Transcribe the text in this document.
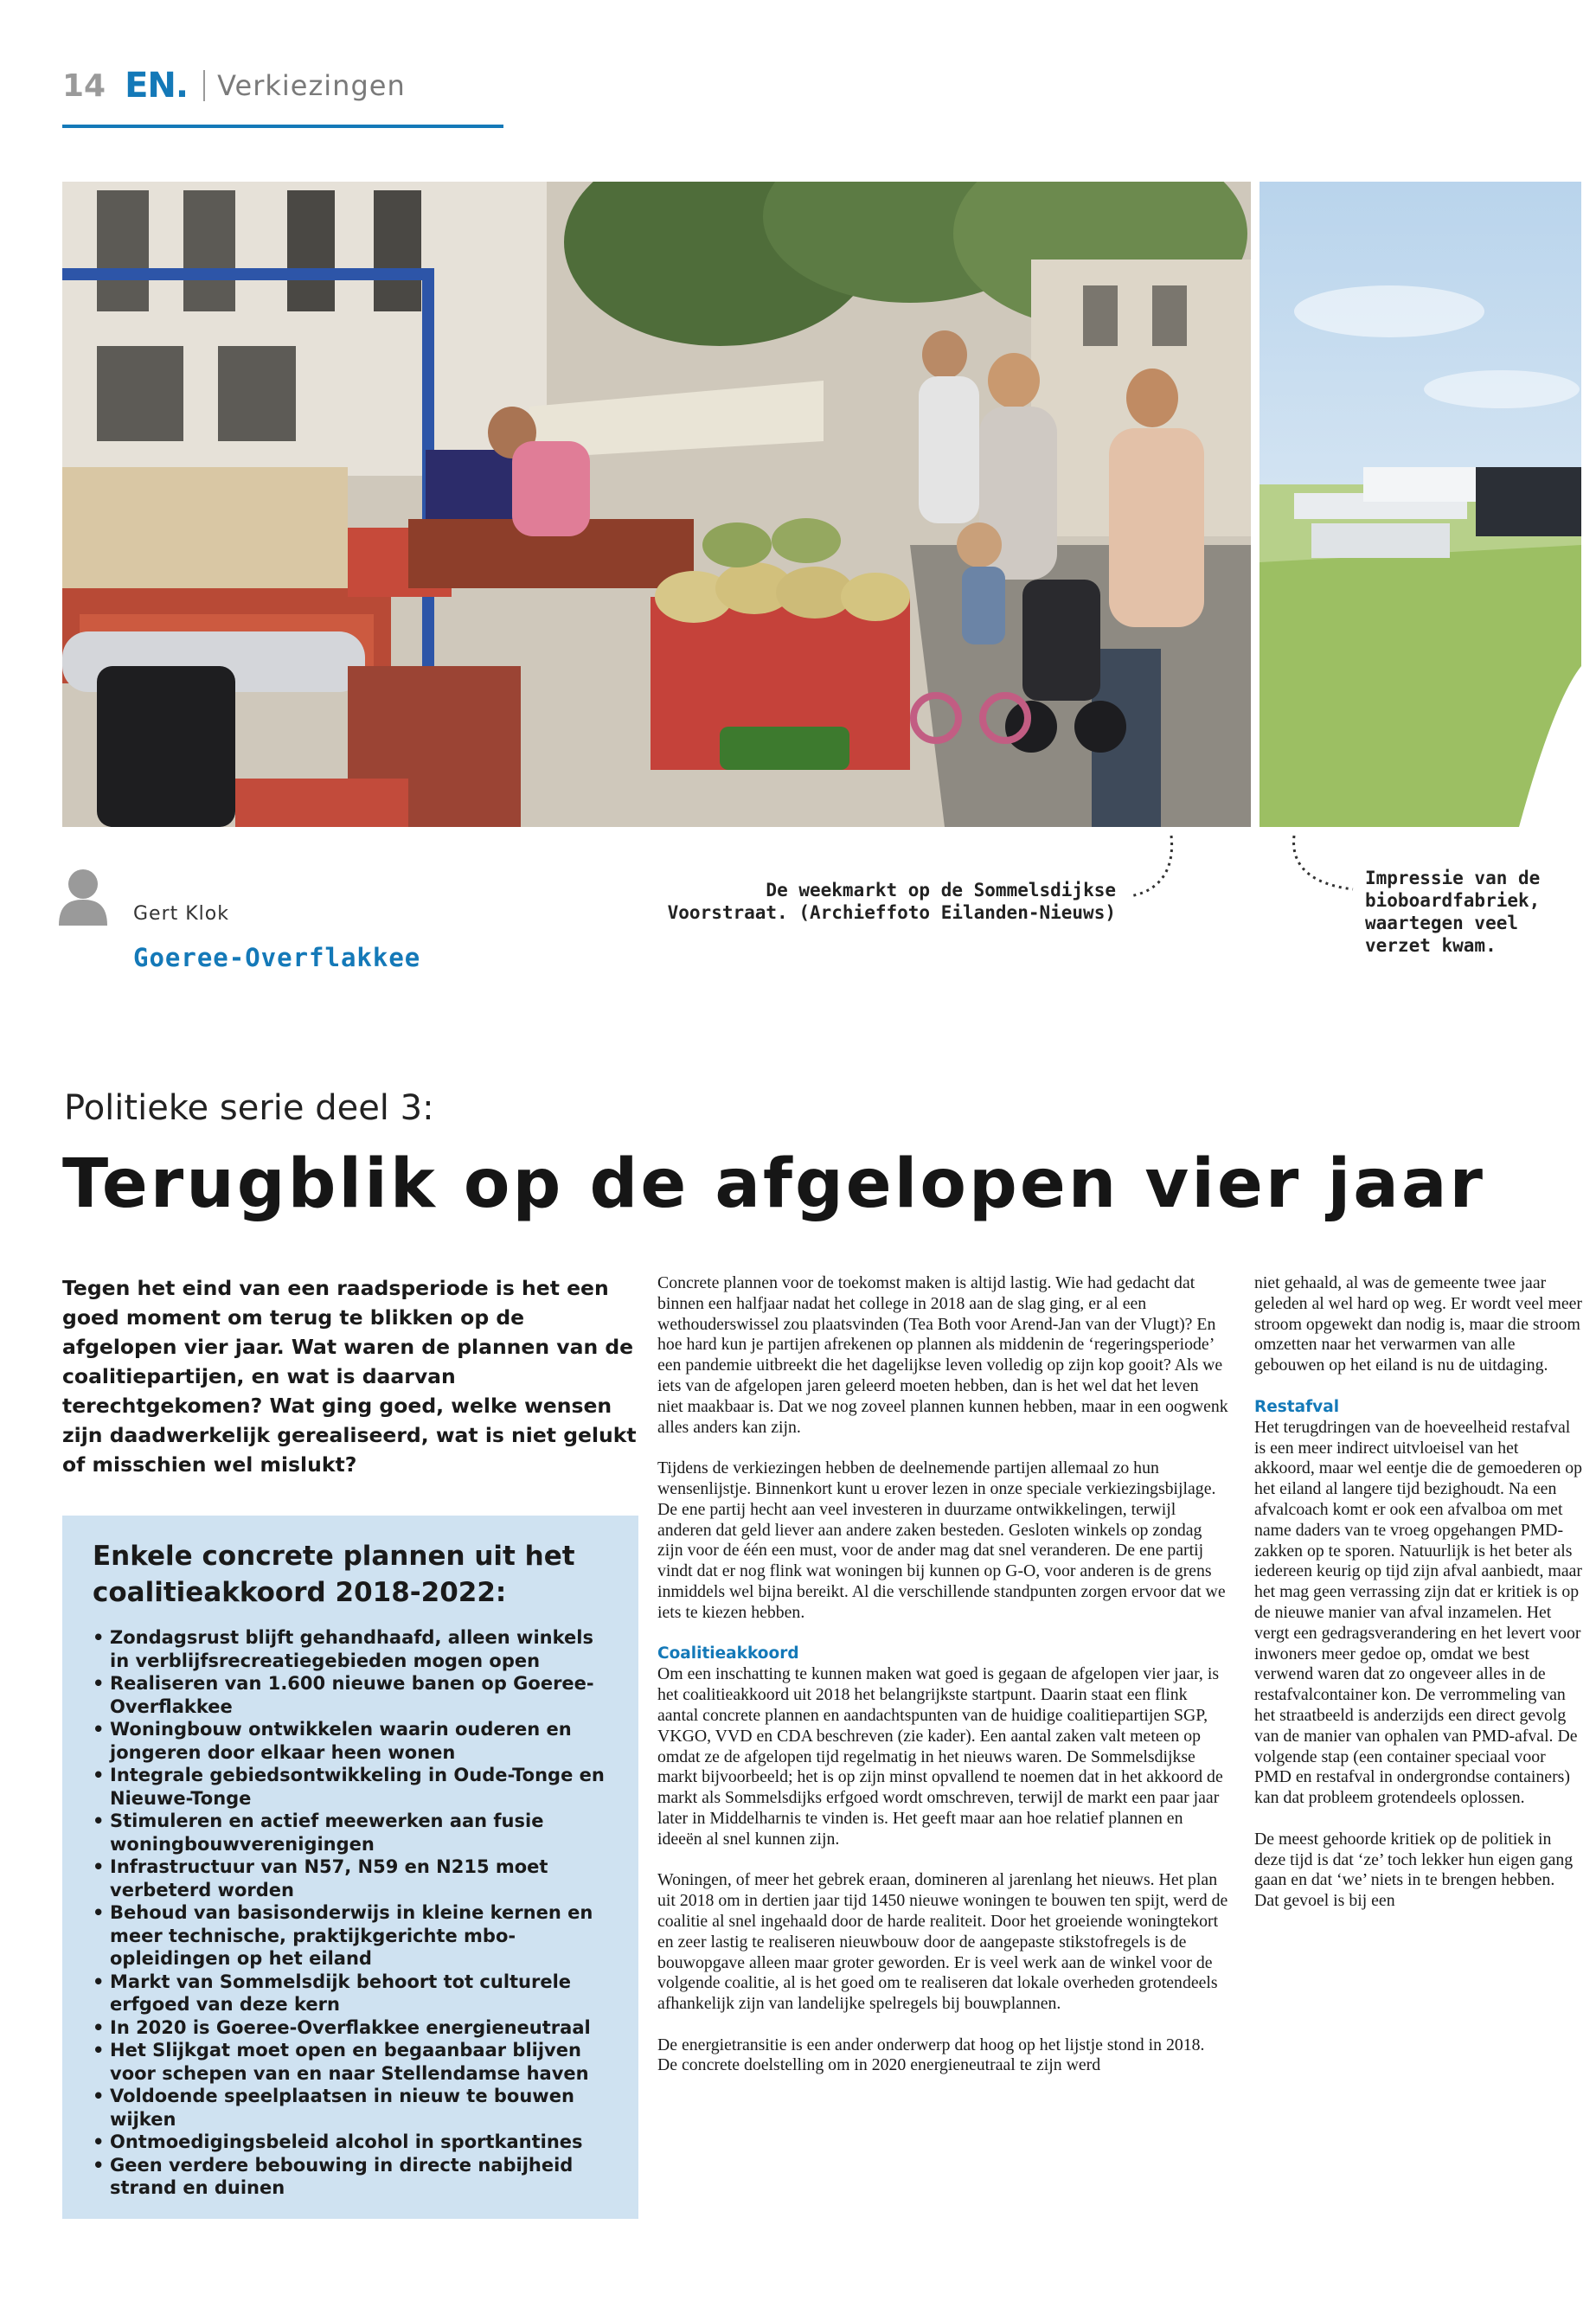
14 EN. Verkiezingen
Gert Klok
Goeree-Overflakkee
De weekmarkt op de Sommelsdijkse Voorstraat. (Archieffoto Eilanden-Nieuws)
Impressie van de bioboardfabriek, waartegen veel verzet kwam.
Politieke serie deel 3:
Terugblik op de afgelopen vier jaar
Tegen het eind van een raadsperiode is het een goed moment om terug te blikken op de afgelopen vier jaar. Wat waren de plannen van de coalitiepartijen, en wat is daarvan terechtgekomen? Wat ging goed, welke wensen zijn daadwerkelijk gerealiseerd, wat is niet gelukt of misschien wel mislukt?
Enkele concrete plannen uit het coalitieakkoord 2018-2022:
• Zondagsrust blijft gehandhaafd, alleen winkels in verblijfsrecreatiegebieden mogen open
• Realiseren van 1.600 nieuwe banen op Goeree-Overflakkee
• Woningbouw ontwikkelen waarin ouderen en jongeren door elkaar heen wonen
• Integrale gebiedsontwikkeling in Oude-Tonge en Nieuwe-Tonge
• Stimuleren en actief meewerken aan fusie woningbouwverenigingen
• Infrastructuur van N57, N59 en N215 moet verbeterd worden
• Behoud van basisonderwijs in kleine kernen en meer technische, praktijkgerichte mbo-opleidingen op het eiland
• Markt van Sommelsdijk behoort tot culturele erfgoed van deze kern
• In 2020 is Goeree-Overflakkee energieneutraal
• Het Slijkgat moet open en begaanbaar blijven voor schepen van en naar Stellendamse haven
• Voldoende speelplaatsen in nieuw te bouwen wijken
• Ontmoedigingsbeleid alcohol in sportkantines
• Geen verdere bebouwing in directe nabijheid strand en duinen

Concrete plannen voor de toekomst maken is altijd lastig. Wie had gedacht dat binnen een halfjaar nadat het college in 2018 aan de slag ging, er al een wethouderswissel zou plaatsvinden (Tea Both voor Arend-Jan van der Vlugt)? En hoe hard kun je partijen afrekenen op plannen als middenin de ‘regeringsperiode’ een pandemie uitbreekt die het dagelijkse leven volledig op zijn kop gooit? Als we iets van de afgelopen jaren geleerd moeten hebben, dan is het wel dat het leven niet maakbaar is. Dat we nog zoveel plannen kunnen hebben, maar in een oogwenk alles anders kan zijn.

Tijdens de verkiezingen hebben de deelnemende partijen allemaal zo hun wensenlijstje. Binnenkort kunt u erover lezen in onze speciale verkiezingsbijlage. De ene partij hecht aan veel investeren in duurzame ontwikkelingen, terwijl anderen dat geld liever aan andere zaken besteden. Gesloten winkels op zondag zijn voor de één een must, voor de ander mag dat snel veranderen. De ene partij vindt dat er nog flink wat woningen bij kunnen op G-O, voor anderen is de grens inmiddels wel bijna bereikt. Al die verschillende standpunten zorgen ervoor dat we iets te kiezen hebben.

Coalitieakkoord

Om een inschatting te kunnen maken wat goed is gegaan de afgelopen vier jaar, is het coalitieakkoord uit 2018 het belangrijkste startpunt. Daarin staat een flink aantal concrete plannen en aandachtspunten van de huidige coalitiepartijen SGP, VKGO, VVD en CDA beschreven (zie kader). Een aantal zaken valt meteen op omdat ze de afgelopen tijd regelmatig in het nieuws waren. De Sommelsdijkse markt bijvoorbeeld; het is op zijn minst opvallend te noemen dat in het akkoord de markt als Sommelsdijks erfgoed wordt omschreven, terwijl de markt een paar jaar later in Middelharnis te vinden is. Het geeft maar aan hoe relatief plannen en ideeën al snel kunnen zijn.

Woningen, of meer het gebrek eraan, domineren al jarenlang het nieuws. Het plan uit 2018 om in dertien jaar tijd 1450 nieuwe woningen te bouwen ten spijt, werd de coalitie al snel ingehaald door de harde realiteit. Door het groeiende woningtekort en zeer lastig te realiseren nieuwbouw door de aangepaste stikstofregels is de bouwopgave alleen maar groter geworden. Er is veel werk aan de winkel voor de volgende coalitie, al is het goed om te realiseren dat lokale overheden grotendeels afhankelijk zijn van landelijke spelregels bij bouwplannen.

De energietransitie is een ander onderwerp dat hoog op het lijstje stond in 2018. De concrete doelstelling om in 2020 energieneutraal te zijn werd

niet gehaald, al was de gemeente twee jaar geleden al wel hard op weg. Er wordt veel meer stroom opgewekt dan nodig is, maar die stroom omzetten naar het verwarmen van alle gebouwen op het eiland is nu de uitdaging.

Restafval

Het terugdringen van de hoeveelheid restafval is een meer indirect uitvloeisel van het akkoord, maar wel eentje die de gemoederen op het eiland al langere tijd bezighoudt. Na een afvalcoach komt er ook een afvalboa om met name daders van te vroeg opgehangen PMD-zakken op te sporen. Natuurlijk is het beter als iedereen keurig op tijd zijn afval aanbiedt, maar het mag geen verrassing zijn dat er kritiek is op de nieuwe manier van afval inzamelen. Het vergt een gedragsverandering en het levert voor inwoners meer gedoe op, omdat we best verwend waren dat zo ongeveer alles in de restafvalcontainer kon. De verrommeling van het straatbeeld is anderzijds een direct gevolg van de manier van ophalen van PMD-afval. De volgende stap (een container speciaal voor PMD en restafval in ondergrondse containers) kan dat probleem grotendeels oplossen.

De meest gehoorde kritiek op de politiek in deze tijd is dat ‘ze’ toch lekker hun eigen gang gaan en dat ‘we’ niets in te brengen hebben. Dat gevoel is bij een
